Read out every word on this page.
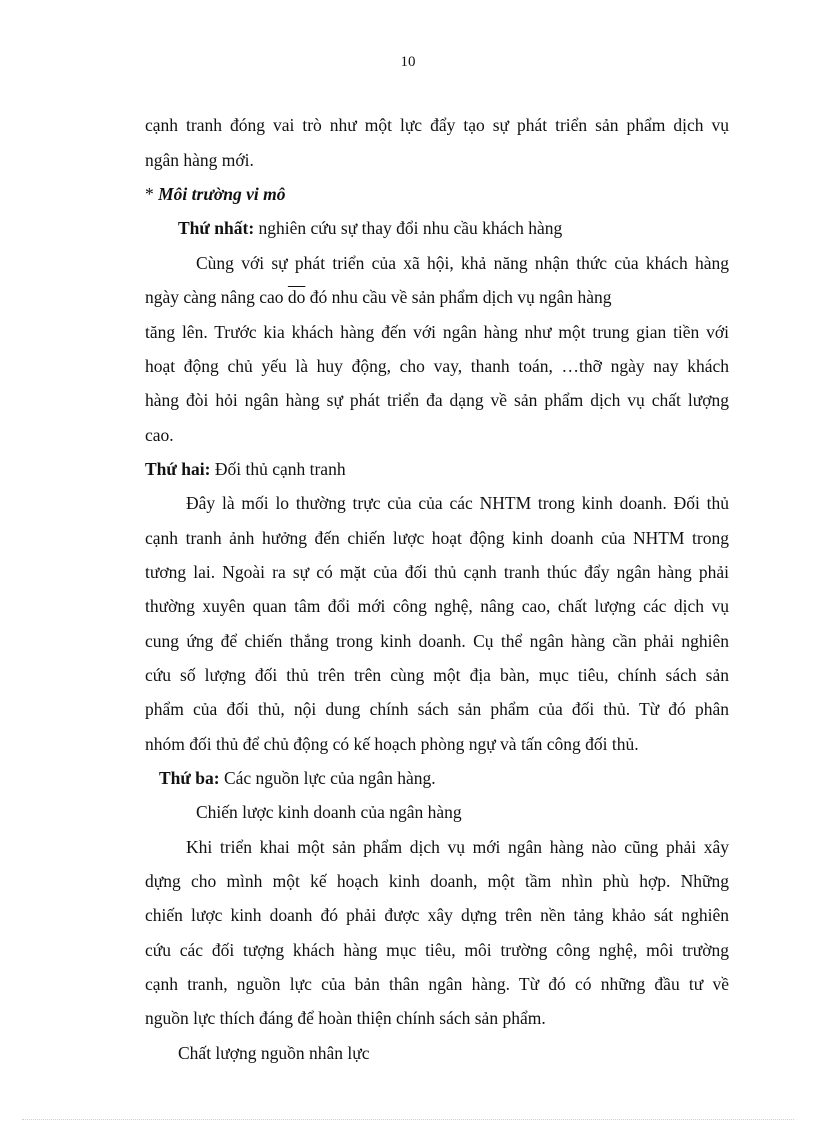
10
cạnh tranh đóng vai trò như một lực đẩy tạo sự phát triển sản phẩm dịch vụ
ngân hàng mới.
* Môi trường vi mô
Thứ nhất: nghiên cứu sự thay đổi nhu cầu khách hàng
Cùng với sự phát triển của xã hội, khả năng nhận thức của khách hàng
ngày càng nâng cao $\overline{do}$ đó nhu cầu về sản phẩm dịch vụ ngân hàng
tăng lên. Trước kia khách hàng đến với ngân hàng như một trung gian tiền với
hoạt động chủ yếu là huy động, cho vay, thanh toán, …thỡ ngày nay khách
hàng đòi hỏi ngân hàng sự phát triển đa dạng về sản phẩm dịch vụ chất lượng
cao.
Thứ hai: Đối thủ cạnh tranh
Đây là mối lo thường trực của của các NHTM trong kinh doanh. Đối thủ
cạnh tranh ảnh hưởng đến chiến lược hoạt động kinh doanh của NHTM trong
tương lai. Ngoài ra sự có mặt của đối thủ cạnh tranh thúc đẩy ngân hàng phải
thường xuyên quan tâm đổi mới công nghệ, nâng cao, chất lượng các dịch vụ
cung ứng để chiến thắng trong kinh doanh. Cụ thể ngân hàng cần phải nghiên
cứu số lượng đối thủ trên trên cùng một địa bàn, mục tiêu, chính sách sản
phẩm của đối thủ, nội dung chính sách sản phẩm của đối thủ. Từ đó phân
nhóm đối thủ để chủ động có kế hoạch phòng ngự và tấn công đối thủ.
Thứ ba: Các nguồn lực của ngân hàng.
Chiến lược kinh doanh của ngân hàng
Khi triển khai một sản phẩm dịch vụ mới ngân hàng nào cũng phải xây
dựng cho mình một kế hoạch kinh doanh, một tầm nhìn phù hợp. Những
chiến lược kinh doanh đó phải được xây dựng trên nền tảng khảo sát nghiên
cứu các đối tượng khách hàng mục tiêu, môi trường công nghệ, môi trường
cạnh tranh, nguồn lực của bản thân ngân hàng. Từ đó có những đầu tư về
nguồn lực thích đáng để hoàn thiện chính sách sản phẩm.
Chất lượng nguồn nhân lực
